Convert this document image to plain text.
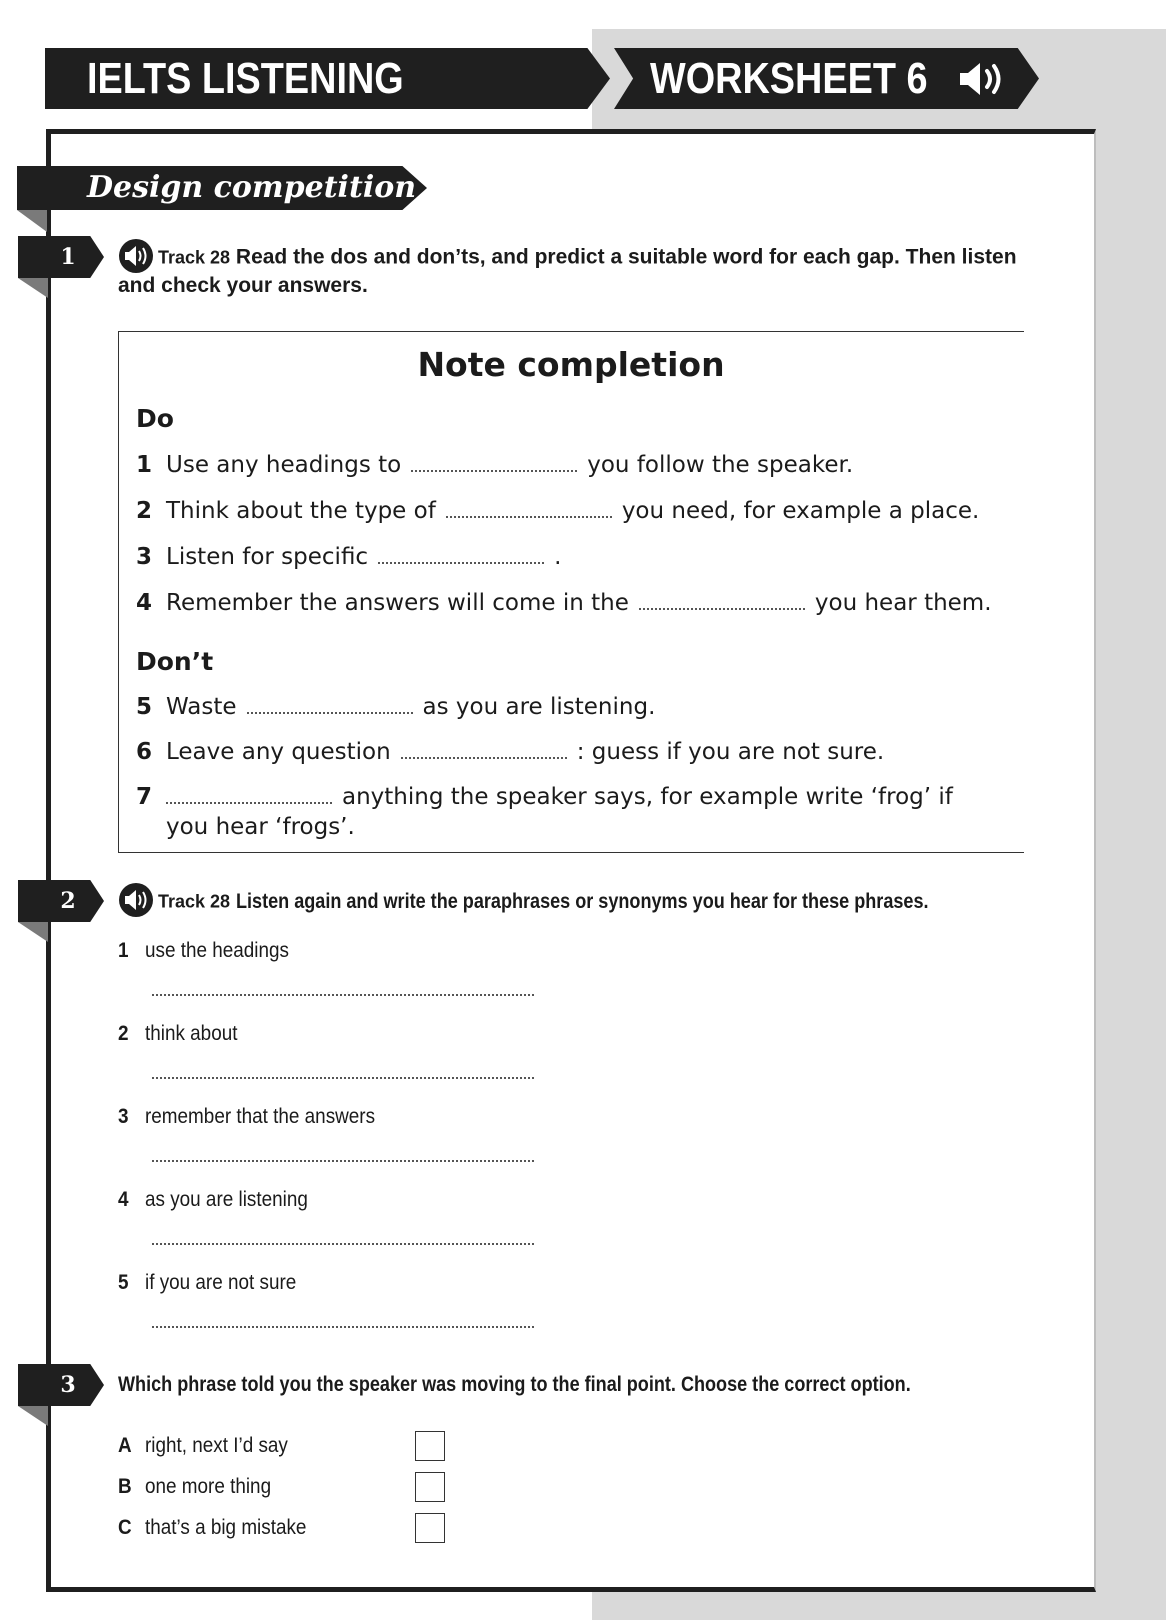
IELTS LISTENING	WORKSHEET 6
Design competition
1	Track 28 Read the dos and don’ts, and predict a suitable word for each gap. Then listen
and check your answers.
Note completion
Do
1 Use any headings to	you follow the speaker.
2 Think about the type of	you need, for example a place.
3 Listen for specific	.
4 Remember the answers will come in the	you hear them.
Don’t
5 Waste	as you are listening.
6 Leave any question	: guess if you are not sure.
7	anything the speaker says, for example write ‘frog’ if
you hear ‘frogs’.
2	Track 28 Listen again and write the paraphrases or synonyms you hear for these phrases.
1 use the headings
2 think about
3 remember that the answers
4 as you are listening
5 if you are not sure
3	Which phrase told you the speaker was moving to the final point. Choose the correct option.
A right, next I’d say
B one more thing
C that’s a big mistake
